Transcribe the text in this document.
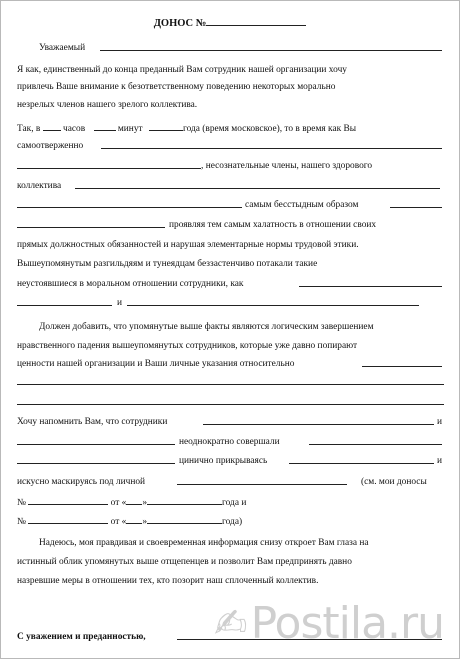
ДОНОС №
Уважаемый
Я как, единственный до конца преданный Вам сотрудник нашей организации хочу
привлечь Ваше внимание к безответственному поведению некоторых морально
незрелых членов нашего зрелого коллектива.
Так, в часов	минут	года (время московское), то в время как Вы
самоотверженно
, несознательные члены, нашего здорового
коллектива
самым бесстыдным образом
проявляя тем самым халатность в отношении своих
прямых должностных обязанностей и нарушая элементарные нормы трудовой этики.
Вышеупомянутым разгильдяям и тунеядцам беззастенчиво потакали такие
неустоявшиеся в моральном отношении сотрудники, как
и
Должен добавить, что упомянутые выше факты являются логическим завершением
нравственного падения вышеупомянутых сотрудников, которые уже давно попирают
ценности нашей организации и Ваши личные указания относительно
Хочу напомнить Вам, что сотрудники	и
неоднократно совершали
цинично прикрываясь	и
искусно маскируясь под личной	(см. мои доносы
№	от « »	года и
№	от « »	года)
Надеюсь, моя правдивая и своевременная информация снизу откроет Вам глаза на
истинный облик упомянутых выше отщепенцев и позволит Вам предпринять давно
назревшие меры в отношении тех, кто позорит наш сплоченный коллектив.
С уважением и преданностью,	✍ Postila.ru
